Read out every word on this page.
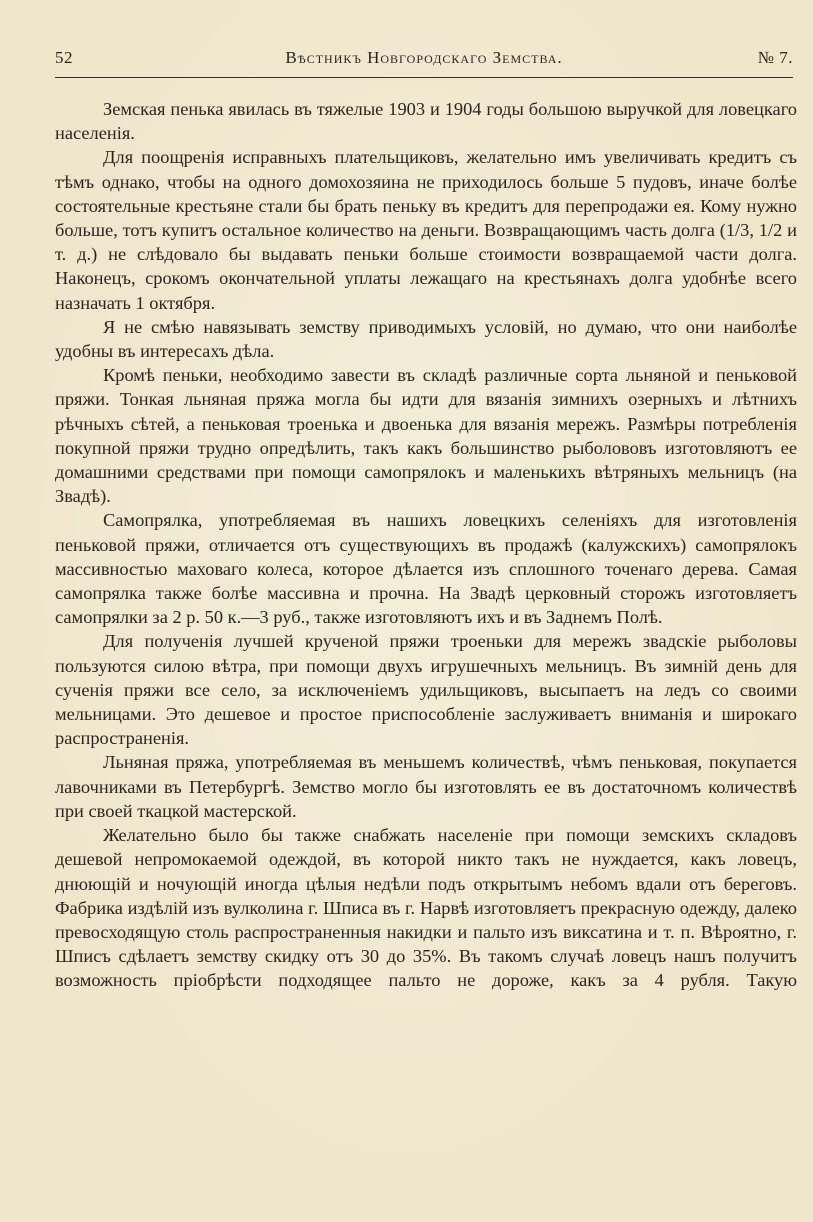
52	Вѣстникъ Новгородскаго Земства.	№ 7.

Земская пенька явилась въ тяжелые 1903 и 1904 годы большою выручкой для ловецкаго населенія.

Для поощренія исправныхъ плательщиковъ, желательно имъ увеличивать кредитъ съ тѣмъ однако, чтобы на одного домохозяина не приходилось больше 5 пудовъ, иначе болѣе состоятельные крестьяне стали бы брать пеньку въ кредитъ для перепродажи ея. Кому нужно больше, тотъ купитъ остальное количество на деньги. Возвращающимъ часть долга (1/3, 1/2 и т. д.) не слѣдовало бы выдавать пеньки больше стоимости возвращаемой части долга. Наконецъ, срокомъ окончательной уплаты лежащаго на крестьянахъ долга удобнѣе всего назначать 1 октября.

Я не смѣю навязывать земству приводимыхъ условій, но думаю, что они наиболѣе удобны въ интересахъ дѣла.

Кромѣ пеньки, необходимо завести въ складѣ различные сорта льняной и пеньковой пряжи. Тонкая льняная пряжа могла бы идти для вязанія зимнихъ озерныхъ и лѣтнихъ рѣчныхъ сѣтей, а пеньковая троенька и двоенька для вязанія мережъ. Размѣры потребленія покупной пряжи трудно опредѣлить, такъ какъ большинство рыболововъ изготовляютъ ее домашними средствами при помощи самопрялокъ и маленькихъ вѣтряныхъ мельницъ (на Звадѣ).

Самопрялка, употребляемая въ нашихъ ловецкихъ селеніяхъ для изготовленія пеньковой пряжи, отличается отъ существующихъ въ продажѣ (калужскихъ) самопрялокъ массивностью маховаго колеса, которое дѣлается изъ сплошного точенаго дерева. Самая самопрялка также болѣе массивна и прочна. На Звадѣ церковный сторожъ изготовляетъ самопрялки за 2 р. 50 к.—3 руб., также изготовляютъ ихъ и въ Заднемъ Полѣ.

Для полученія лучшей крученой пряжи троеньки для мережъ звадскіе рыболовы пользуются силою вѣтра, при помощи двухъ игрушечныхъ мельницъ. Въ зимній день для сученія пряжи все село, за исключеніемъ удильщиковъ, высыпаетъ на ледъ со своими мельницами. Это дешевое и простое приспособленіе заслуживаетъ вниманія и широкаго распространенія.

Льняная пряжа, употребляемая въ меньшемъ количествѣ, чѣмъ пеньковая, покупается лавочниками въ Петербургѣ. Земство могло бы изготовлять ее въ достаточномъ количествѣ при своей ткацкой мастерской.

Желательно было бы также снабжать населеніе при помощи земскихъ складовъ дешевой непромокаемой одеждой, въ которой никто такъ не нуждается, какъ ловецъ, днюющій и ночующій иногда цѣлыя недѣли подъ открытымъ небомъ вдали отъ береговъ. Фабрика издѣлій изъ вулколина г. Шписа въ г. Нарвѣ изготовляетъ прекрасную одежду, далеко превосходящую столь распространенныя накидки и пальто изъ виксатина и т. п. Вѣроятно, г. Шписъ сдѣлаетъ земству скидку отъ 30 до 35%. Въ такомъ случаѣ ловецъ нашъ получитъ возможность пріобрѣсти подходящее пальто не дороже, какъ за 4 рубля. Такую
